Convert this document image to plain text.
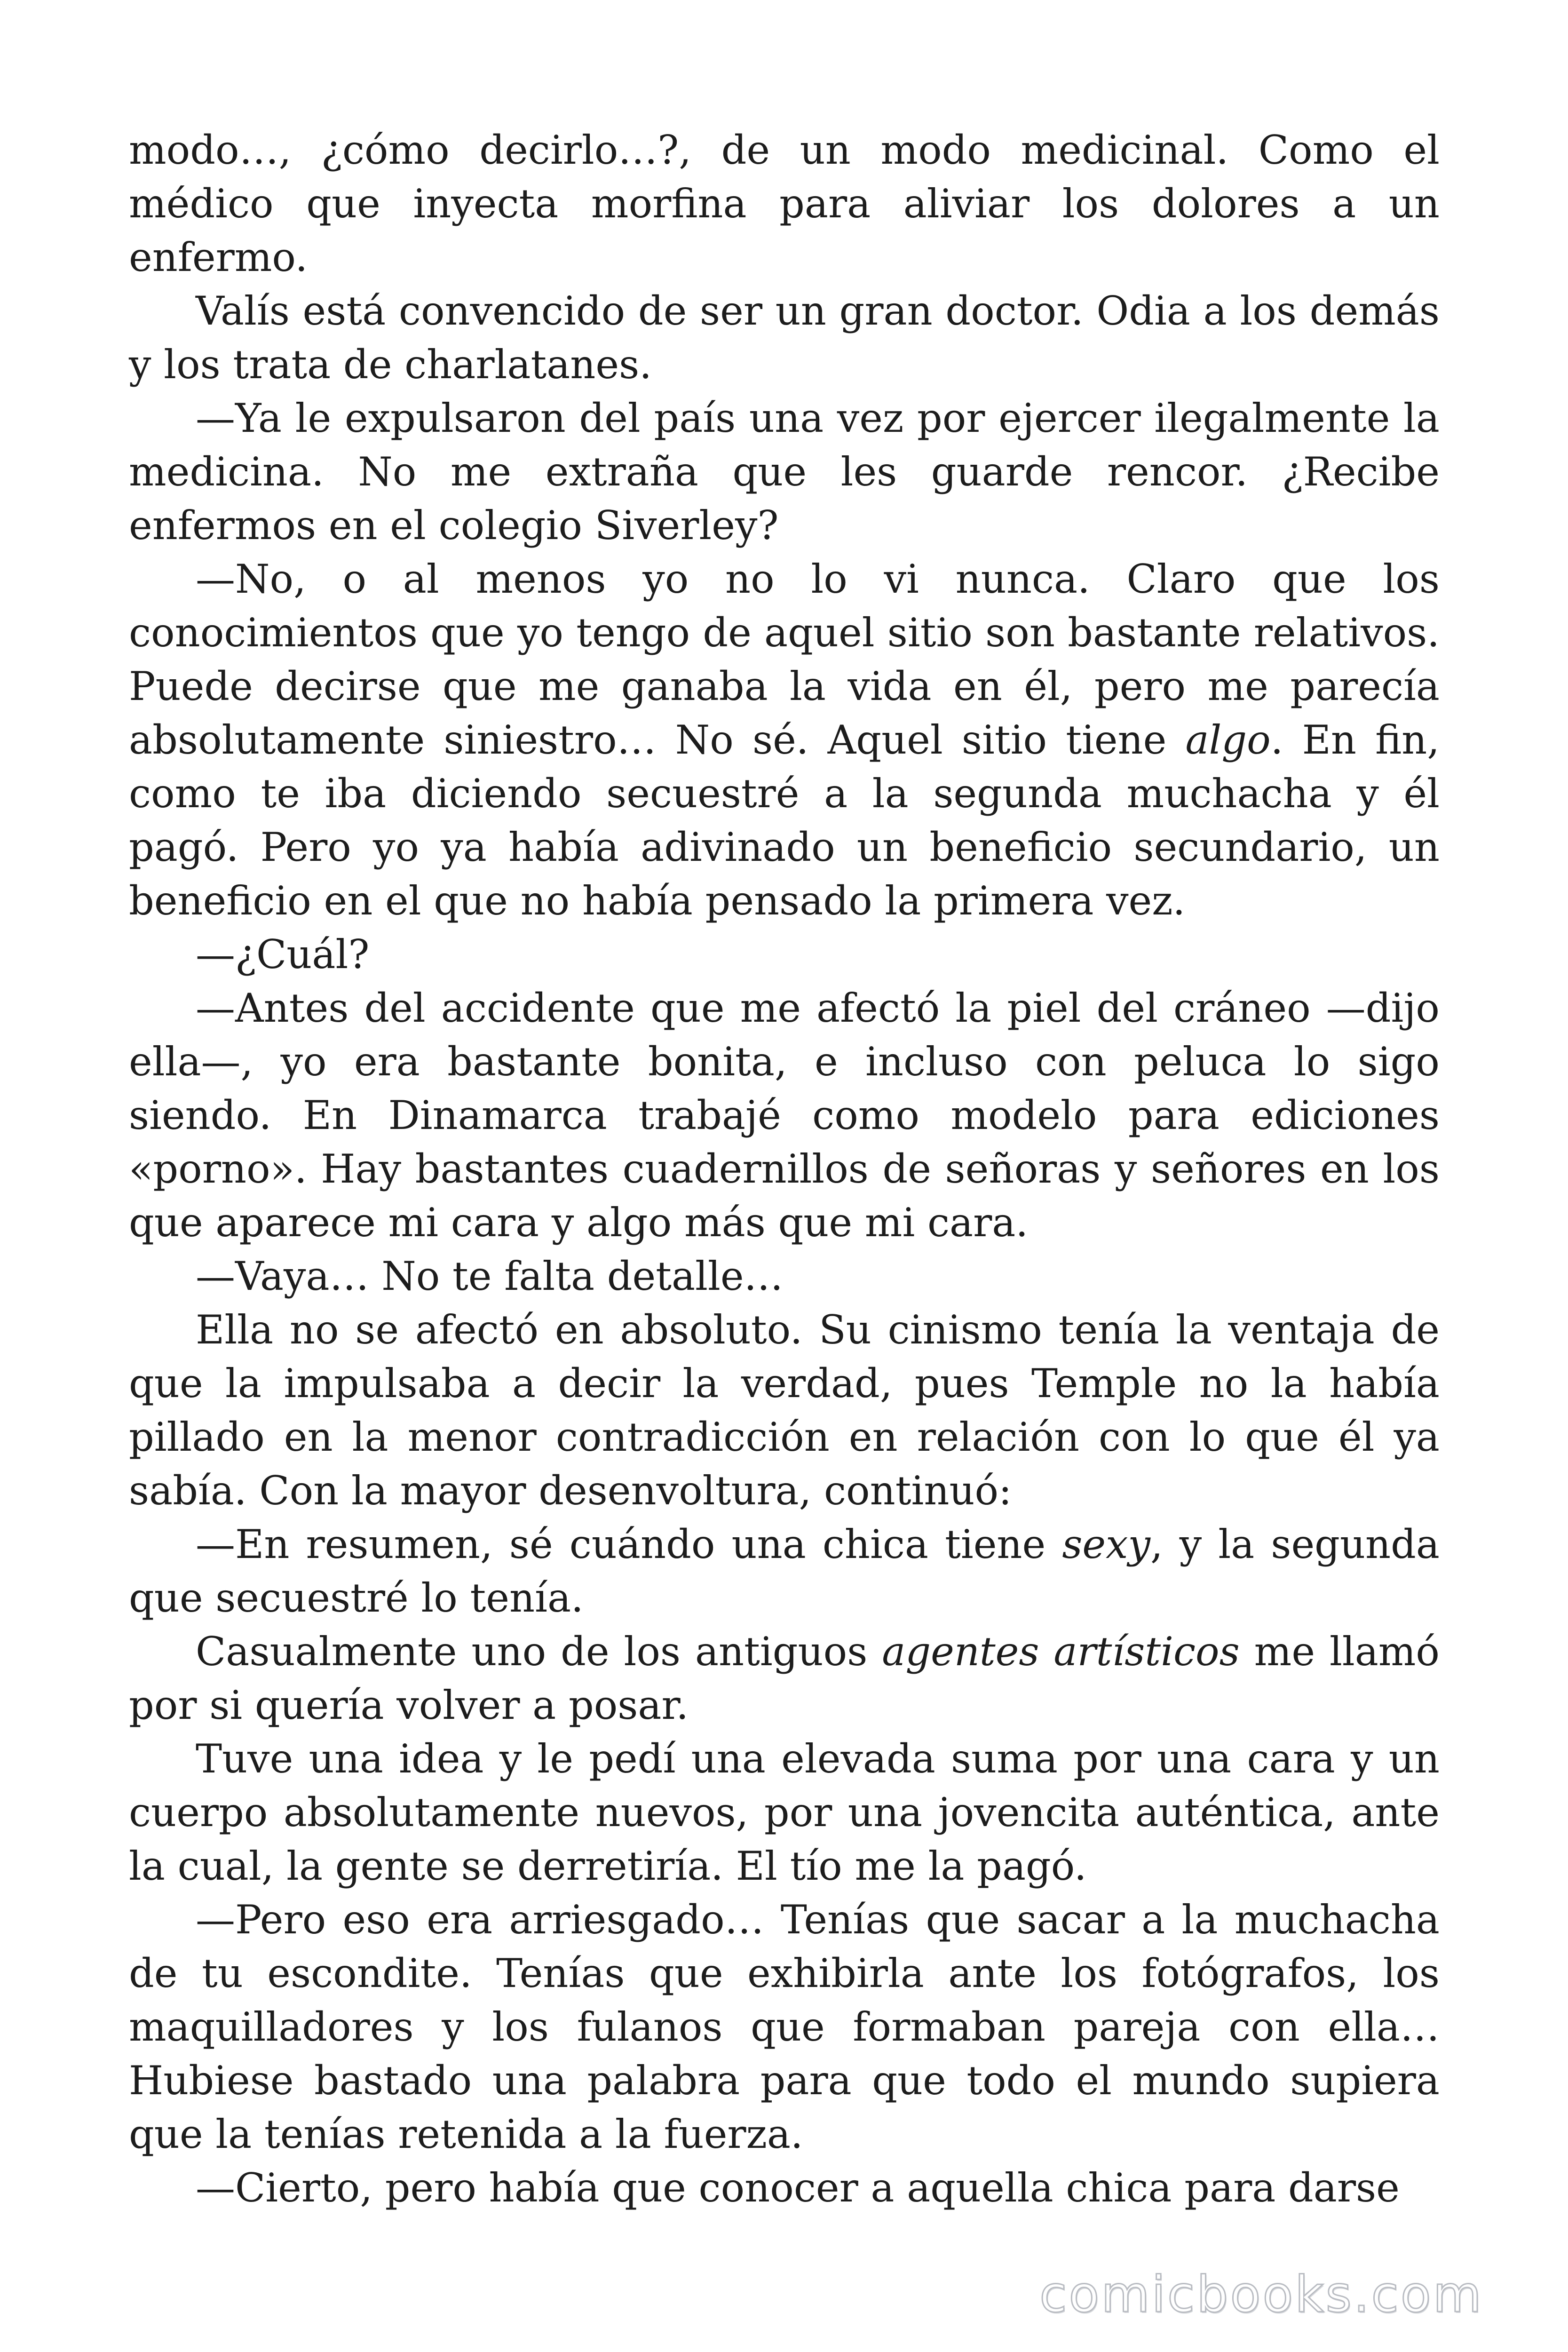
modo…, ¿cómo decirlo…?, de un modo medicinal. Como el médico que inyecta morfina para aliviar los dolores a un enfermo.

Valís está convencido de ser un gran doctor. Odia a los demás y los trata de charlatanes.

—Ya le expulsaron del país una vez por ejercer ilegalmente la medicina. No me extraña que les guarde rencor. ¿Recibe enfermos en el colegio Siverley?

—No, o al menos yo no lo vi nunca. Claro que los conocimientos que yo tengo de aquel sitio son bastante relativos. Puede decirse que me ganaba la vida en él, pero me parecía absolutamente siniestro… No sé. Aquel sitio tiene algo. En fin, como te iba diciendo secuestré a la segunda muchacha y él pagó. Pero yo ya había adivinado un beneficio secundario, un beneficio en el que no había pensado la primera vez.

—¿Cuál?

—Antes del accidente que me afectó la piel del cráneo —dijo ella—, yo era bastante bonita, e incluso con peluca lo sigo siendo. En Dinamarca trabajé como modelo para ediciones «porno». Hay bastantes cuadernillos de señoras y señores en los que aparece mi cara y algo más que mi cara.

—Vaya… No te falta detalle…

Ella no se afectó en absoluto. Su cinismo tenía la ventaja de que la impulsaba a decir la verdad, pues Temple no la había pillado en la menor contradicción en relación con lo que él ya sabía. Con la mayor desenvoltura, continuó:

—En resumen, sé cuándo una chica tiene sexy, y la segunda que secuestré lo tenía.

Casualmente uno de los antiguos agentes artísticos me llamó por si quería volver a posar.

Tuve una idea y le pedí una elevada suma por una cara y un cuerpo absolutamente nuevos, por una jovencita auténtica, ante la cual, la gente se derretiría. El tío me la pagó.

—Pero eso era arriesgado… Tenías que sacar a la muchacha de tu escondite. Tenías que exhibirla ante los fotógrafos, los maquilladores y los fulanos que formaban pareja con ella… Hubiese bastado una palabra para que todo el mundo supiera que la tenías retenida a la fuerza.

—Cierto, pero había que conocer a aquella chica para darse

comicbooks.com
